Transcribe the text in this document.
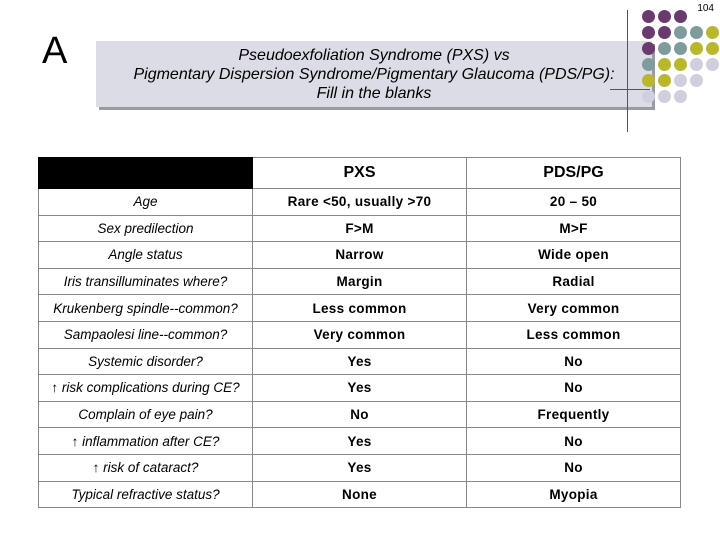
104
A	Pseudoexfoliation Syndrome (PXS) vs
Pigmentary Dispersion Syndrome/Pigmentary Glaucoma (PDS/PG):
Fill in the blanks
	PXS	PDS/PG
Age	Rare <50, usually >70	20 – 50
Sex predilection	F>M	M>F
Angle status	Narrow	Wide open
Iris transilluminates where?	Margin	Radial
Krukenberg spindle--common?	Less common	Very common
Sampaolesi line--common?	Very common	Less common
Systemic disorder?	Yes	No
↑ risk complications during CE?	Yes	No
Complain of eye pain?	No	Frequently
↑ inflammation after CE?	Yes	No
↑ risk of cataract?	Yes	No
Typical refractive status?	None	Myopia
